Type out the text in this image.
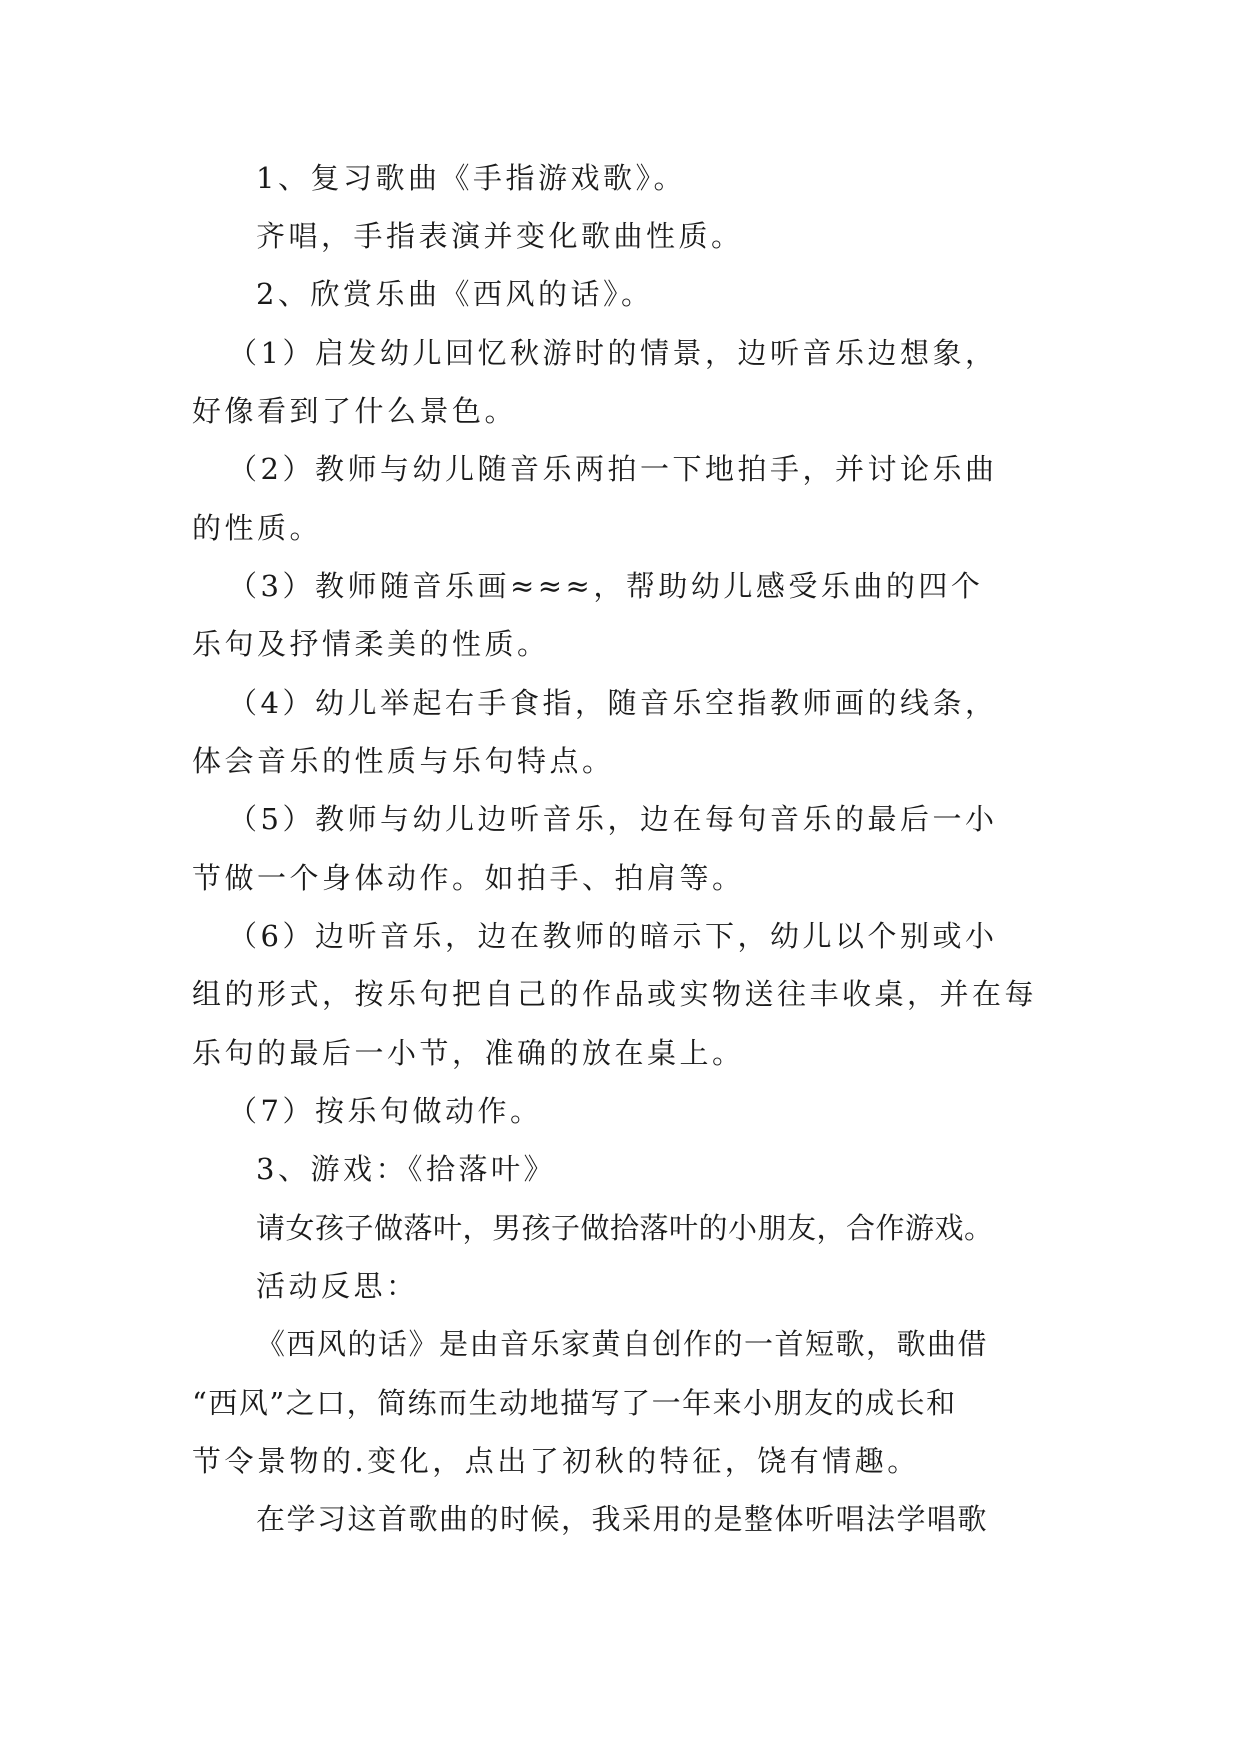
1、复习歌曲《手指游戏歌》。
齐唱，手指表演并变化歌曲性质。
2、欣赏乐曲《西风的话》。
（1）启发幼儿回忆秋游时的情景，边听音乐边想象，
好像看到了什么景色。
（2）教师与幼儿随音乐两拍一下地拍手，并讨论乐曲
的性质。
（3）教师随音乐画≈≈≈，帮助幼儿感受乐曲的四个
乐句及抒情柔美的性质。
（4）幼儿举起右手食指，随音乐空指教师画的线条，
体会音乐的性质与乐句特点。
（5）教师与幼儿边听音乐，边在每句音乐的最后一小
节做一个身体动作。如拍手、拍肩等。
（6）边听音乐，边在教师的暗示下，幼儿以个别或小
组的形式，按乐句把自己的作品或实物送往丰收桌，并在每
乐句的最后一小节，准确的放在桌上。
（7）按乐句做动作。
3、游戏：《拾落叶》
请女孩子做落叶，男孩子做拾落叶的小朋友，合作游戏。
活动反思：
《西风的话》是由音乐家黄自创作的一首短歌，歌曲借
“西风”之口，简练而生动地描写了一年来小朋友的成长和
节令景物的.变化，点出了初秋的特征，饶有情趣。
在学习这首歌曲的时候，我采用的是整体听唱法学唱歌
